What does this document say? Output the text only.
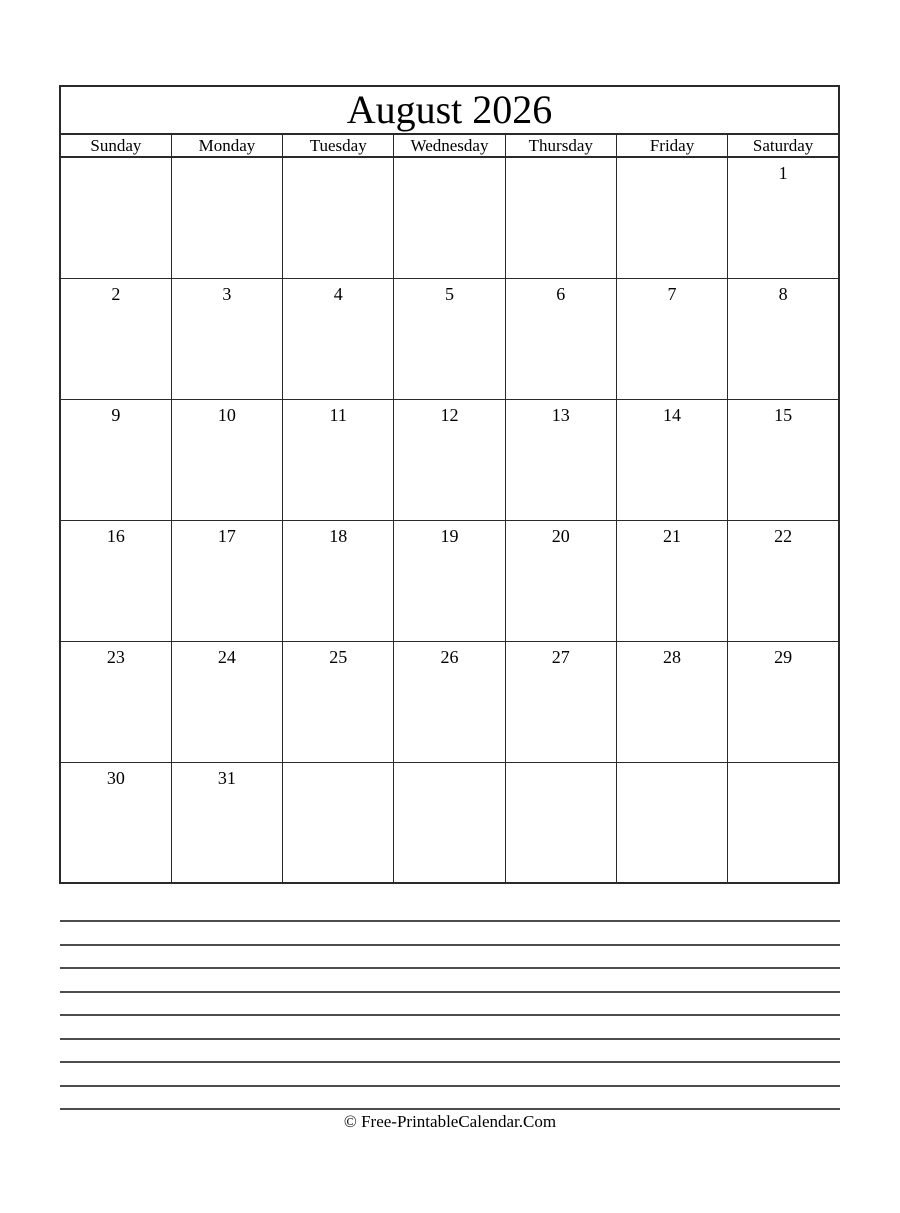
August 2026						
Sunday	Monday	Tuesday	Wednesday	Thursday	Friday	Saturday
						1
2	3	4	5	6	7	8
9	10	11	12	13	14	15
16	17	18	19	20	21	22
23	24	25	26	27	28	29
30	31					
© Free-PrintableCalendar.Com
